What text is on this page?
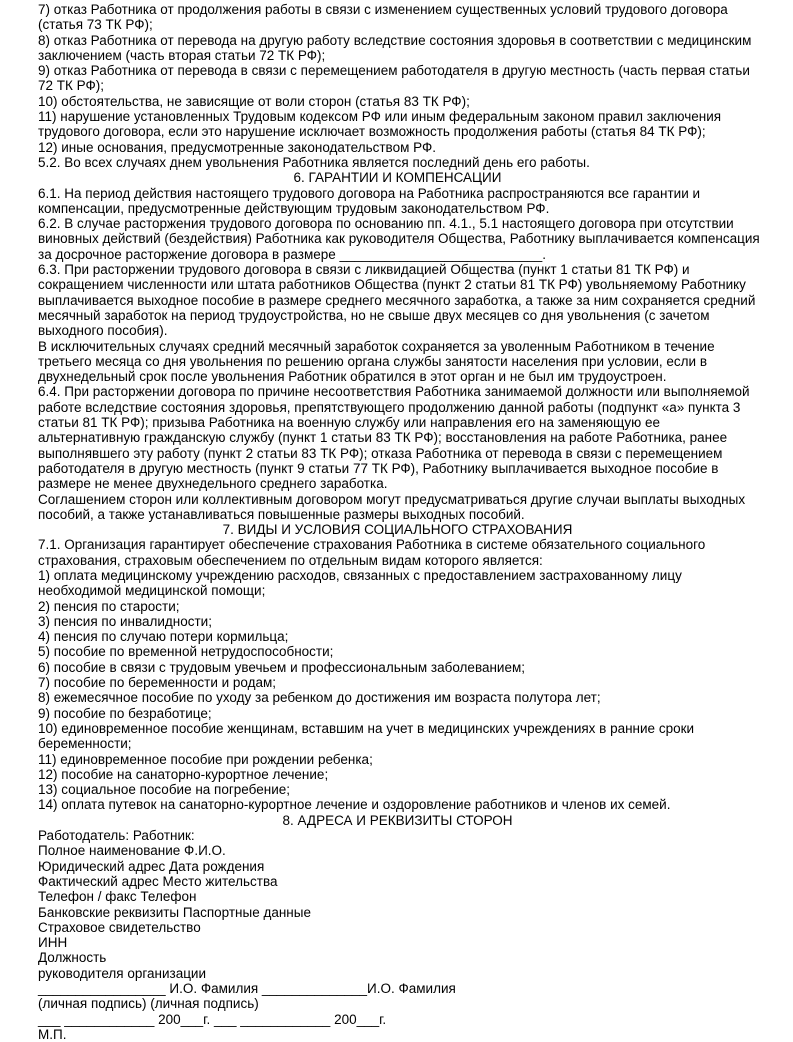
7) отказ Работника от продолжения работы в связи с изменением существенных условий трудового договора
(статья 73 ТК РФ);
8) отказ Работника от перевода на другую работу вследствие состояния здоровья в соответствии с медицинским
заключением (часть вторая статьи 72 ТК РФ);
9) отказ Работника от перевода в связи с перемещением работодателя в другую местность (часть первая статьи
72 ТК РФ);
10) обстоятельства, не зависящие от воли сторон (статья 83 ТК РФ);
11) нарушение установленных Трудовым кодексом РФ или иным федеральным законом правил заключения
трудового договора, если это нарушение исключает возможность продолжения работы (статья 84 ТК РФ);
12) иные основания, предусмотренные законодательством РФ.
5.2. Во всех случаях днем увольнения Работника является последний день его работы.
6. ГАРАНТИИ И КОМПЕНСАЦИИ
6.1. На период действия настоящего трудового договора на Работника распространяются все гарантии и
компенсации, предусмотренные действующим трудовым законодательством РФ.
6.2. В случае расторжения трудового договора по основанию пп. 4.1., 5.1 настоящего договора при отсутствии
виновных действий (бездействия) Работника как руководителя Общества, Работнику выплачивается компенсация
за досрочное расторжение договора в размере ___________________________.
6.3. При расторжении трудового договора в связи с ликвидацией Общества (пункт 1 статьи 81 ТК РФ) и
сокращением численности или штата работников Общества (пункт 2 статьи 81 ТК РФ) увольняемому Работнику
выплачивается выходное пособие в размере среднего месячного заработка, а также за ним сохраняется средний
месячный заработок на период трудоустройства, но не свыше двух месяцев со дня увольнения (с зачетом
выходного пособия).
В исключительных случаях средний месячный заработок сохраняется за уволенным Работником в течение
третьего месяца со дня увольнения по решению органа службы занятости населения при условии, если в
двухнедельный срок после увольнения Работник обратился в этот орган и не был им трудоустроен.
6.4. При расторжении договора по причине несоответствия Работника занимаемой должности или выполняемой
работе вследствие состояния здоровья, препятствующего продолжению данной работы (подпункт «а» пункта 3
статьи 81 ТК РФ); призыва Работника на военную службу или направления его на заменяющую ее
альтернативную гражданскую службу (пункт 1 статьи 83 ТК РФ); восстановления на работе Работника, ранее
выполнявшего эту работу (пункт 2 статьи 83 ТК РФ); отказа Работника от перевода в связи с перемещением
работодателя в другую местность (пункт 9 статьи 77 ТК РФ), Работнику выплачивается выходное пособие в
размере не менее двухнедельного среднего заработка.
Соглашением сторон или коллективным договором могут предусматриваться другие случаи выплаты выходных
пособий, а также устанавливаться повышенные размеры выходных пособий.
7. ВИДЫ И УСЛОВИЯ СОЦИАЛЬНОГО СТРАХОВАНИЯ
7.1. Организация гарантирует обеспечение страхования Работника в системе обязательного социального
страхования, страховым обеспечением по отдельным видам которого является:
1) оплата медицинскому учреждению расходов, связанных с предоставлением застрахованному лицу
необходимой медицинской помощи;
2) пенсия по старости;
3) пенсия по инвалидности;
4) пенсия по случаю потери кормильца;
5) пособие по временной нетрудоспособности;
6) пособие в связи с трудовым увечьем и профессиональным заболеванием;
7) пособие по беременности и родам;
8) ежемесячное пособие по уходу за ребенком до достижения им возраста полутора лет;
9) пособие по безработице;
10) единовременное пособие женщинам, вставшим на учет в медицинских учреждениях в ранние сроки
беременности;
11) единовременное пособие при рождении ребенка;
12) пособие на санаторно-курортное лечение;
13) социальное пособие на погребение;
14) оплата путевок на санаторно-курортное лечение и оздоровление работников и членов их семей.
8. АДРЕСА И РЕКВИЗИТЫ СТОРОН
Работодатель: Работник:
Полное наименование Ф.И.О.
Юридический адрес Дата рождения
Фактический адрес Место жительства
Телефон / факс Телефон
Банковские реквизиты Паспортные данные
Страховое свидетельство
ИНН
Должность
руководителя организации
_________________ И.О. Фамилия ______________И.О. Фамилия
(личная подпись) (личная подпись)
___ ____________ 200___г. ___ ____________ 200___г.
М.П.
